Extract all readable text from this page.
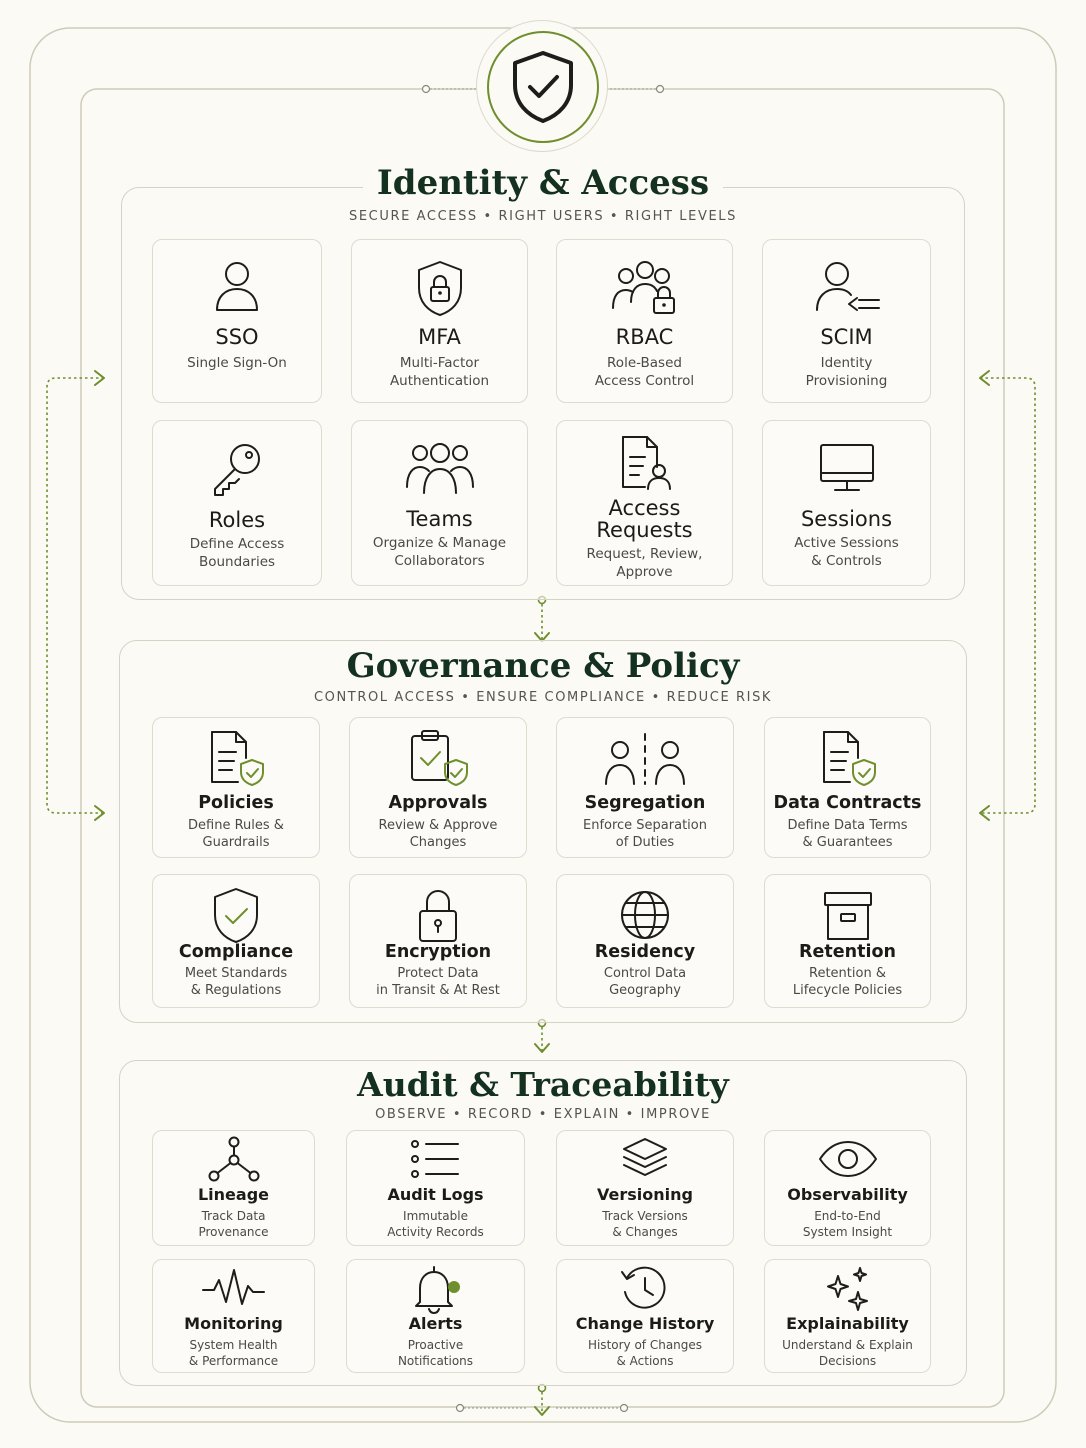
Identity & Access
SECURE ACCESS • RIGHT USERS • RIGHT LEVELS
SSO
Single Sign-On
MFA
Multi-Factor
Authentication
RBAC
Role-Based
Access Control
SCIM
Identity
Provisioning
Roles
Define Access
Boundaries
Teams
Organize & Manage
Collaborators
Access
Requests
Request, Review,
Approve
Sessions
Active Sessions
& Controls
Governance & Policy
CONTROL ACCESS • ENSURE COMPLIANCE • REDUCE RISK
Policies
Define Rules &
Guardrails
Approvals
Review & Approve
Changes
Segregation
Enforce Separation
of Duties
Data Contracts
Define Data Terms
& Guarantees
Compliance
Meet Standards
& Regulations
Encryption
Protect Data
in Transit & At Rest
Residency
Control Data
Geography
Retention
Retention &
Lifecycle Policies
Audit & Traceability
OBSERVE • RECORD • EXPLAIN • IMPROVE
Lineage
Track Data
Provenance
Audit Logs
Immutable
Activity Records
Versioning
Track Versions
& Changes
Observability
End-to-End
System Insight
Monitoring
System Health
& Performance
Alerts
Proactive
Notifications
Change History
History of Changes
& Actions
Explainability
Understand & Explain
Decisions
